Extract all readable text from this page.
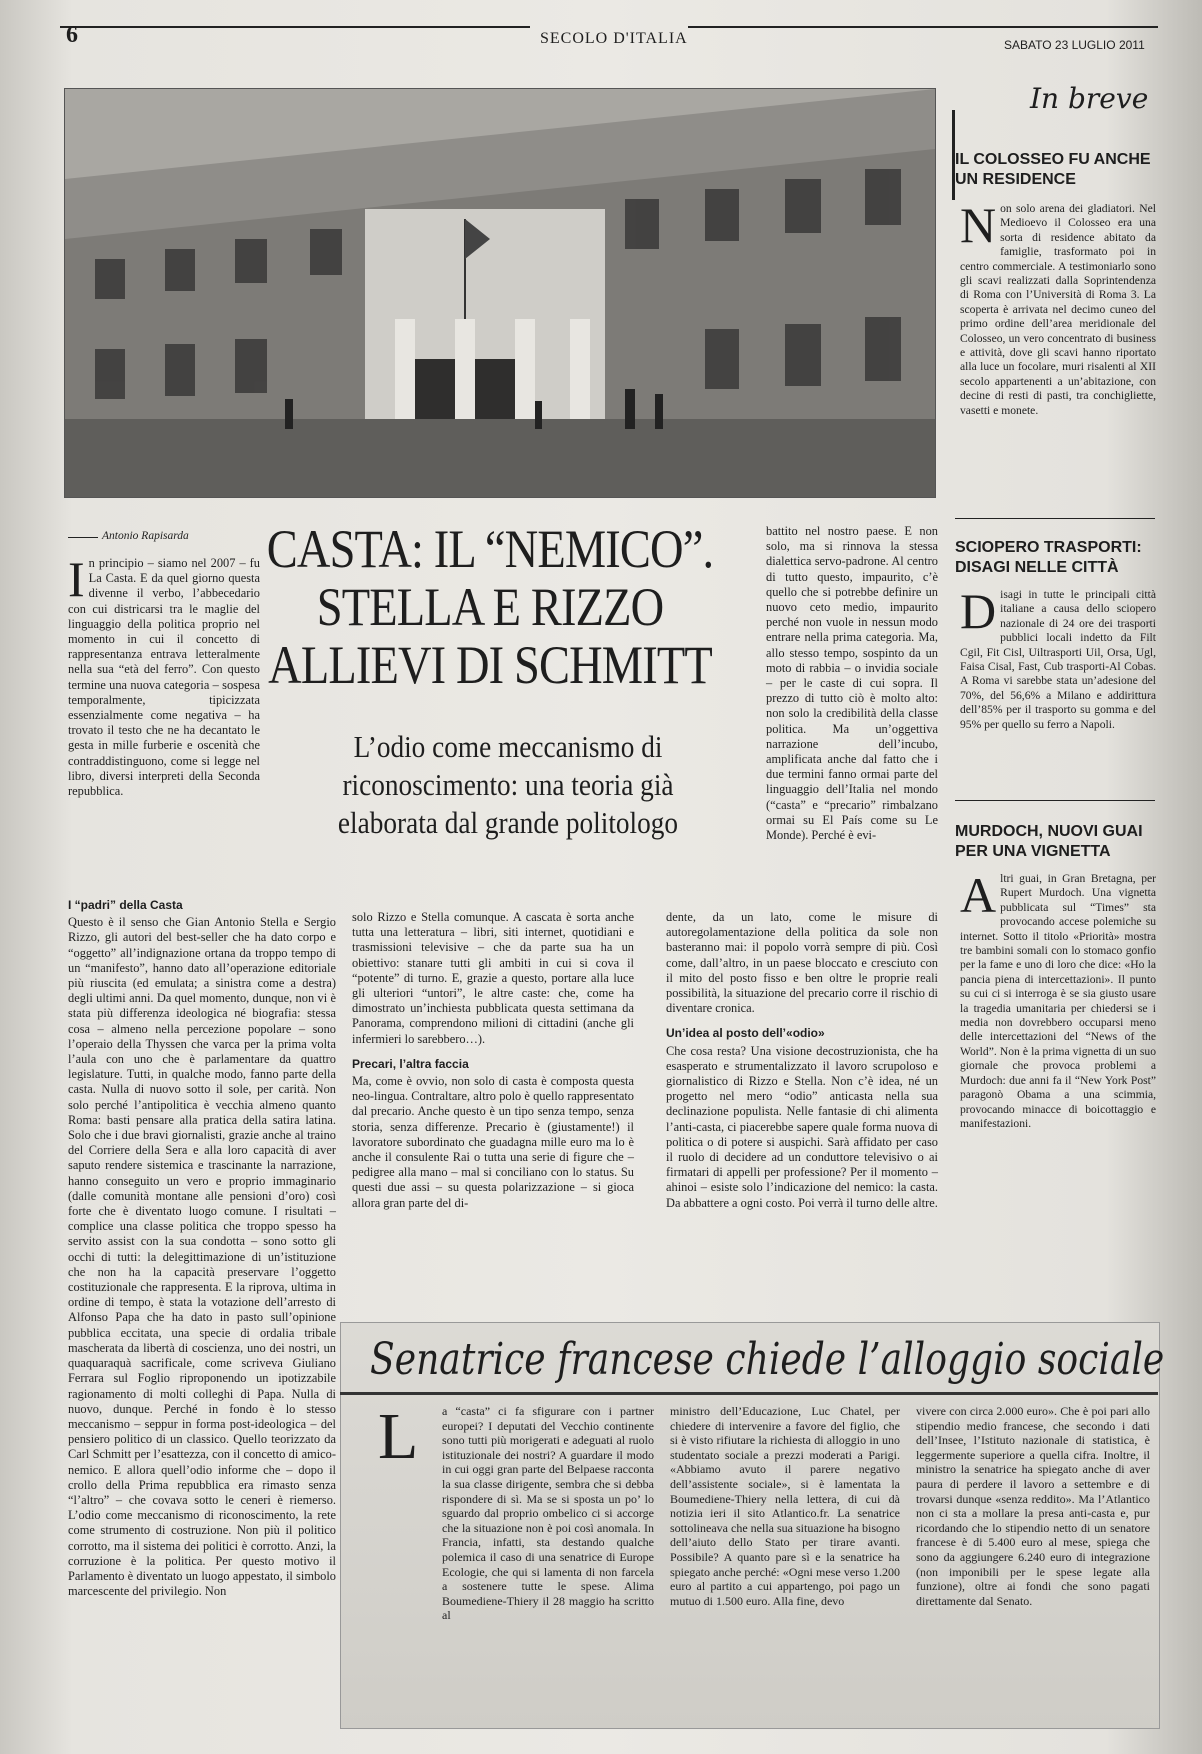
6	SECOLO D'ITALIA	SABATO 23 LUGLIO 2011
In breve
IL COLOSSEO FU ANCHE UN RESIDENCE
Non solo arena dei gladiatori. Nel Medioevo il Colosseo era una sorta di residence abitato da famiglie, trasformato poi in centro commerciale. A testimoniarlo sono gli scavi realizzati dalla Soprintendenza di Roma con l’Università di Roma 3. La scoperta è arrivata nel decimo cuneo del primo ordine dell’area meridionale del Colosseo, un vero concentrato di business e attività, dove gli scavi hanno riportato alla luce un focolare, muri risalenti al XII secolo appartenenti a un’abitazione, con decine di resti di pasti, tra conchigliette, vasetti e monete.
SCIOPERO TRASPORTI: DISAGI NELLE CITTÀ
Disagi in tutte le principali città italiane a causa dello sciopero nazionale di 24 ore dei trasporti pubblici locali indetto da Filt Cgil, Fit Cisl, Uiltrasporti Uil, Orsa, Ugl, Faisa Cisal, Fast, Cub trasporti-Al Cobas. A Roma vi sarebbe stata un’adesione del 70%, del 56,6% a Milano e addirittura dell’85% per il trasporto su gomma e del 95% per quello su ferro a Napoli.
MURDOCH, NUOVI GUAI PER UNA VIGNETTA
Altri guai, in Gran Bretagna, per Rupert Murdoch. Una vignetta pubblicata sul “Times” sta provocando accese polemiche su internet. Sotto il titolo «Priorità» mostra tre bambini somali con lo stomaco gonfio per la fame e uno di loro che dice: «Ho la pancia piena di intercettazioni». Il punto su cui ci si interroga è se sia giusto usare la tragedia umanitaria per chiedersi se i media non dovrebbero occuparsi meno delle intercettazioni del “News of the World”. Non è la prima vignetta di un suo giornale che provoca problemi a Murdoch: due anni fa il “New York Post” paragonò Obama a una scimmia, provocando minacce di boicottaggio e manifestazioni.
Antonio Rapisarda CASTA: IL “NEMICO”. STELLA E RIZZO ALLIEVI DI SCHMITT
L’odio come meccanismo di riconoscimento: una teoria già elaborata dal grande politologo
In principio – siamo nel 2007 – fu La Casta. E da quel giorno questa divenne il verbo, l’abbecedario con cui districarsi tra le maglie del linguaggio della politica proprio nel momento in cui il concetto di rappresentanza entrava letteralmente nella sua “età del ferro”. Con questo termine una nuova categoria – sospesa temporalmente, tipicizzata essenzialmente come negativa – ha trovato il testo che ne ha decantato le gesta in mille furberie e oscenità che contraddistinguono, come si legge nel libro, diversi interpreti della Seconda repubblica.
I “padri” della Casta

Questo è il senso che Gian Antonio Stella e Sergio Rizzo, gli autori del best-seller che ha dato corpo e “oggetto” all’indignazione ortana da troppo tempo di un “manifesto”, hanno dato all’operazione editoriale più riuscita (ed emulata; a sinistra come a destra) degli ultimi anni. Da quel momento, dunque, non vi è stata più differenza ideologica né biografia: stessa cosa – almeno nella percezione popolare – sono l’operaio della Thyssen che varca per la prima volta l’aula con uno che è parlamentare da quattro legislature. Tutti, in qualche modo, fanno parte della casta. Nulla di nuovo sotto il sole, per carità. Non solo perché l’antipolitica è vecchia almeno quanto Roma: basti pensare alla pratica della satira latina. Solo che i due bravi giornalisti, grazie anche al traino del Corriere della Sera e alla loro capacità di aver saputo rendere sistemica e trascinante la narrazione, hanno conseguito un vero e proprio immaginario (dalle comunità montane alle pensioni d’oro) così forte che è diventato luogo comune. I risultati – complice una classe politica che troppo spesso ha servito assist con la sua condotta – sono sotto gli occhi di tutti: la delegittimazione di un’istituzione che non ha la capacità preservare l’oggetto costituzionale che rappresenta. E la riprova, ultima in ordine di tempo, è stata la votazione dell’arresto di Alfonso Papa che ha dato in pasto sull’opinione pubblica eccitata, una specie di ordalia tribale mascherata da libertà di coscienza, uno dei nostri, un quaquaraquà sacrificale, come scriveva Giuliano Ferrara sul Foglio riproponendo un ipotizzabile ragionamento di molti colleghi di Papa. Nulla di nuovo, dunque. Perché in fondo è lo stesso meccanismo – seppur in forma post-ideologica – del pensiero politico di un classico. Quello teorizzato da Carl Schmitt per l’esattezza, con il concetto di amico-nemico. E allora quell’odio informe che – dopo il crollo della Prima repubblica era rimasto senza “l’altro” – che covava sotto le ceneri è riemerso. L’odio come meccanismo di riconoscimento, la rete come strumento di costruzione. Non più il politico corrotto, ma il sistema dei politici è corrotto. Anzi, la corruzione è la politica. Per questo motivo il Parlamento è diventato un luogo appestato, il simbolo marcescente del privilegio. Non

solo Rizzo e Stella comunque. A cascata è sorta anche tutta una letteratura – libri, siti internet, quotidiani e trasmissioni televisive – che da parte sua ha un obiettivo: stanare tutti gli ambiti in cui si cova il “potente” di turno. E, grazie a questo, portare alla luce gli ulteriori “untori”, le altre caste: che, come ha dimostrato un’inchiesta pubblicata questa settimana da Panorama, comprendono milioni di cittadini (anche gli infermieri lo sarebbero…).

Precari, l’altra faccia

Ma, come è ovvio, non solo di casta è composta questa neo-lingua. Contraltare, altro polo è quello rappresentato dal precario. Anche questo è un tipo senza tempo, senza storia, senza differenze. Precario è (giustamente!) il lavoratore subordinato che guadagna mille euro ma lo è anche il consulente Rai o tutta una serie di figure che – pedigree alla mano – mal si conciliano con lo status. Su questi due assi – su questa polarizzazione – si gioca allora gran parte del di-

battito nel nostro paese. E non solo, ma si rinnova la stessa dialettica servo-padrone. Al centro di tutto questo, impaurito, c’è quello che si potrebbe definire un nuovo ceto medio, impaurito perché non vuole in nessun modo entrare nella prima categoria. Ma, allo stesso tempo, sospinto da un moto di rabbia – o invidia sociale – per le caste di cui sopra. Il prezzo di tutto ciò è molto alto: non solo la credibilità della classe politica. Ma un’oggettiva narrazione dell’incubo, amplificata anche dal fatto che i due termini fanno ormai parte del linguaggio dell’Italia nel mondo (“casta” e “precario” rimbalzano ormai su El País come su Le Monde). Perché è evi-

dente, da un lato, come le misure di autoregolamentazione della politica da sole non basteranno mai: il popolo vorrà sempre di più. Così come, dall’altro, in un paese bloccato e cresciuto con il mito del posto fisso e ben oltre le proprie reali possibilità, la situazione del precario corre il rischio di diventare cronica.

Un’idea al posto dell’«odio»

Che cosa resta? Una visione decostruzionista, che ha esasperato e strumentalizzato il lavoro scrupoloso e giornalistico di Rizzo e Stella. Non c’è idea, né un progetto nel mero “odio” anticasta nella sua declinazione populista. Nelle fantasie di chi alimenta l’anti-casta, ci piacerebbe sapere quale forma nuova di politica o di potere si auspichi. Sarà affidato per caso il ruolo di decidere ad un conduttore televisivo o ai firmatari di appelli per professione? Per il momento – ahinoi – esiste solo l’indicazione del nemico: la casta. Da abbattere a ogni costo. Poi verrà il turno delle altre.

Senatrice francese chiede l’alloggio sociale
L a “casta” ci fa sfigurare con i partner europei? I deputati del Vecchio continente sono tutti più morigerati e adeguati al ruolo istituzionale dei nostri? A guardare il modo in cui oggi gran parte del Belpaese racconta la sua classe dirigente, sembra che si debba rispondere di sì. Ma se si sposta un po’ lo sguardo dal proprio ombelico ci si accorge che la situazione non è poi così anomala. In Francia, infatti, sta destando qualche polemica il caso di una senatrice di Europe Ecologie, che qui si lamenta di non farcela a sostenere tutte le spese. Alima Boumediene-Thiery il 28 maggio ha scritto al

ministro dell’Educazione, Luc Chatel, per chiedere di intervenire a favore del figlio, che si è visto rifiutare la richiesta di alloggio in uno studentato sociale a prezzi moderati a Parigi. «Abbiamo avuto il parere negativo dell’assistente sociale», si è lamentata la Boumediene-Thiery nella lettera, di cui dà notizia ieri il sito Atlantico.fr. La senatrice sottolineava che nella sua situazione ha bisogno dell’aiuto dello Stato per tirare avanti. Possibile? A quanto pare sì e la senatrice ha spiegato anche perché: «Ogni mese verso 1.200 euro al partito a cui appartengo, poi pago un mutuo di 1.500 euro. Alla fine, devo

vivere con circa 2.000 euro». Che è poi pari allo stipendio medio francese, che secondo i dati dell’Insee, l’Istituto nazionale di statistica, è leggermente superiore a quella cifra. Inoltre, il ministro la senatrice ha spiegato anche di aver paura di perdere il lavoro a settembre e di trovarsi dunque «senza reddito». Ma l’Atlantico non ci sta a mollare la presa anti-casta e, pur ricordando che lo stipendio netto di un senatore francese è di 5.400 euro al mese, spiega che sono da aggiungere 6.240 euro di integrazione (non imponibili per le spese legate alla funzione), oltre ai fondi che sono pagati direttamente dal Senato.
